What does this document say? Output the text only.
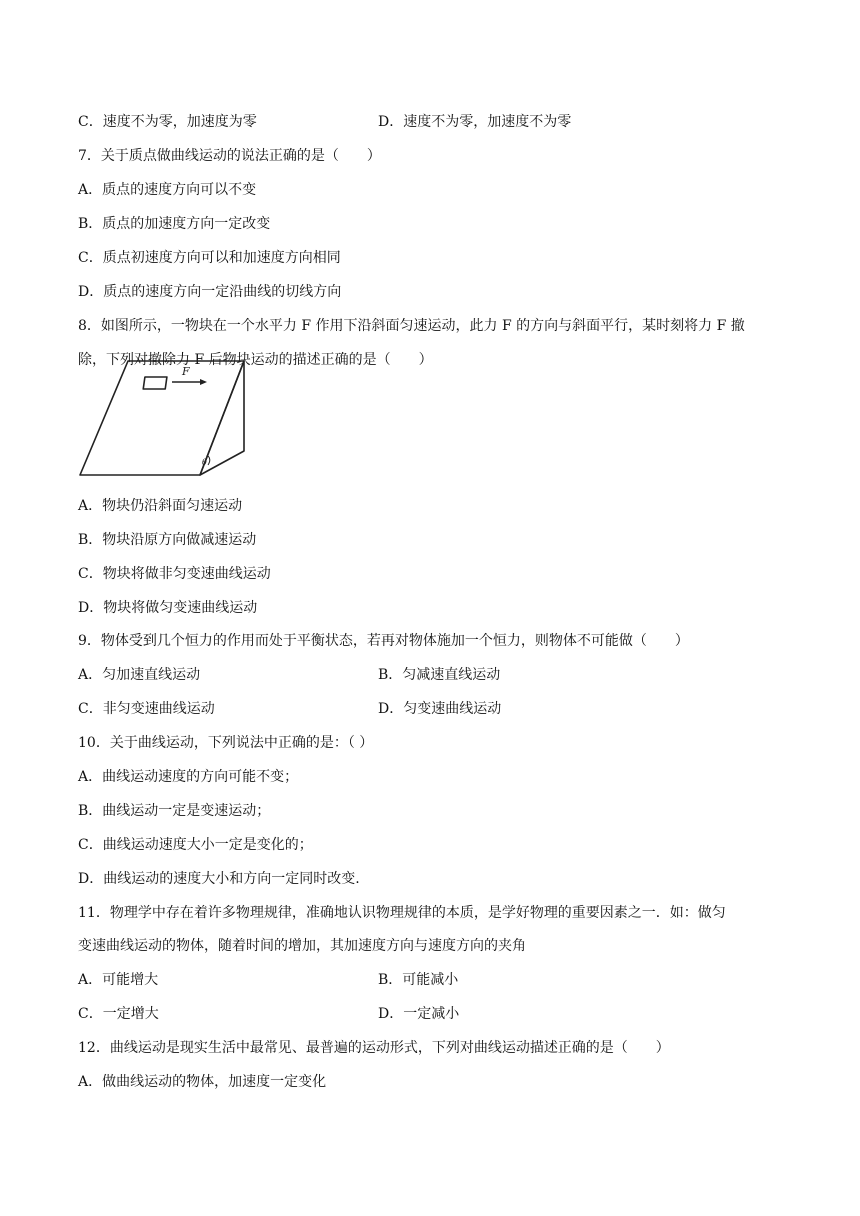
C．速度不为零，加速度为零	D．速度不为零，加速度不为零
7．关于质点做曲线运动的说法正确的是（　　）
A．质点的速度方向可以不变
B．质点的加速度方向一定改变
C．质点初速度方向可以和加速度方向相同
D．质点的速度方向一定沿曲线的切线方向
8．如图所示，一物块在一个水平力 F 作用下沿斜面匀速运动，此力 F 的方向与斜面平行，某时刻将力 F 撤
除，下列对撤除力 F 后物块运动的描述正确的是（　　）
F
θ
A．物块仍沿斜面匀速运动
B．物块沿原方向做减速运动
C．物块将做非匀变速曲线运动
D．物块将做匀变速曲线运动
9．物体受到几个恒力的作用而处于平衡状态，若再对物体施加一个恒力，则物体不可能做（　　）
A．匀加速直线运动	B．匀减速直线运动
C．非匀变速曲线运动	D．匀变速曲线运动
10．关于曲线运动，下列说法中正确的是：（ ）
A．曲线运动速度的方向可能不变；
B．曲线运动一定是变速运动；
C．曲线运动速度大小一定是变化的；
D．曲线运动的速度大小和方向一定同时改变.
11．物理学中存在着许多物理规律，准确地认识物理规律的本质，是学好物理的重要因素之一．如：做匀
变速曲线运动的物体，随着时间的增加，其加速度方向与速度方向的夹角
A．可能增大	B．可能减小
C．一定增大	D．一定减小
12．曲线运动是现实生活中最常见、最普遍的运动形式，下列对曲线运动描述正确的是（　　）
A．做曲线运动的物体，加速度一定变化
